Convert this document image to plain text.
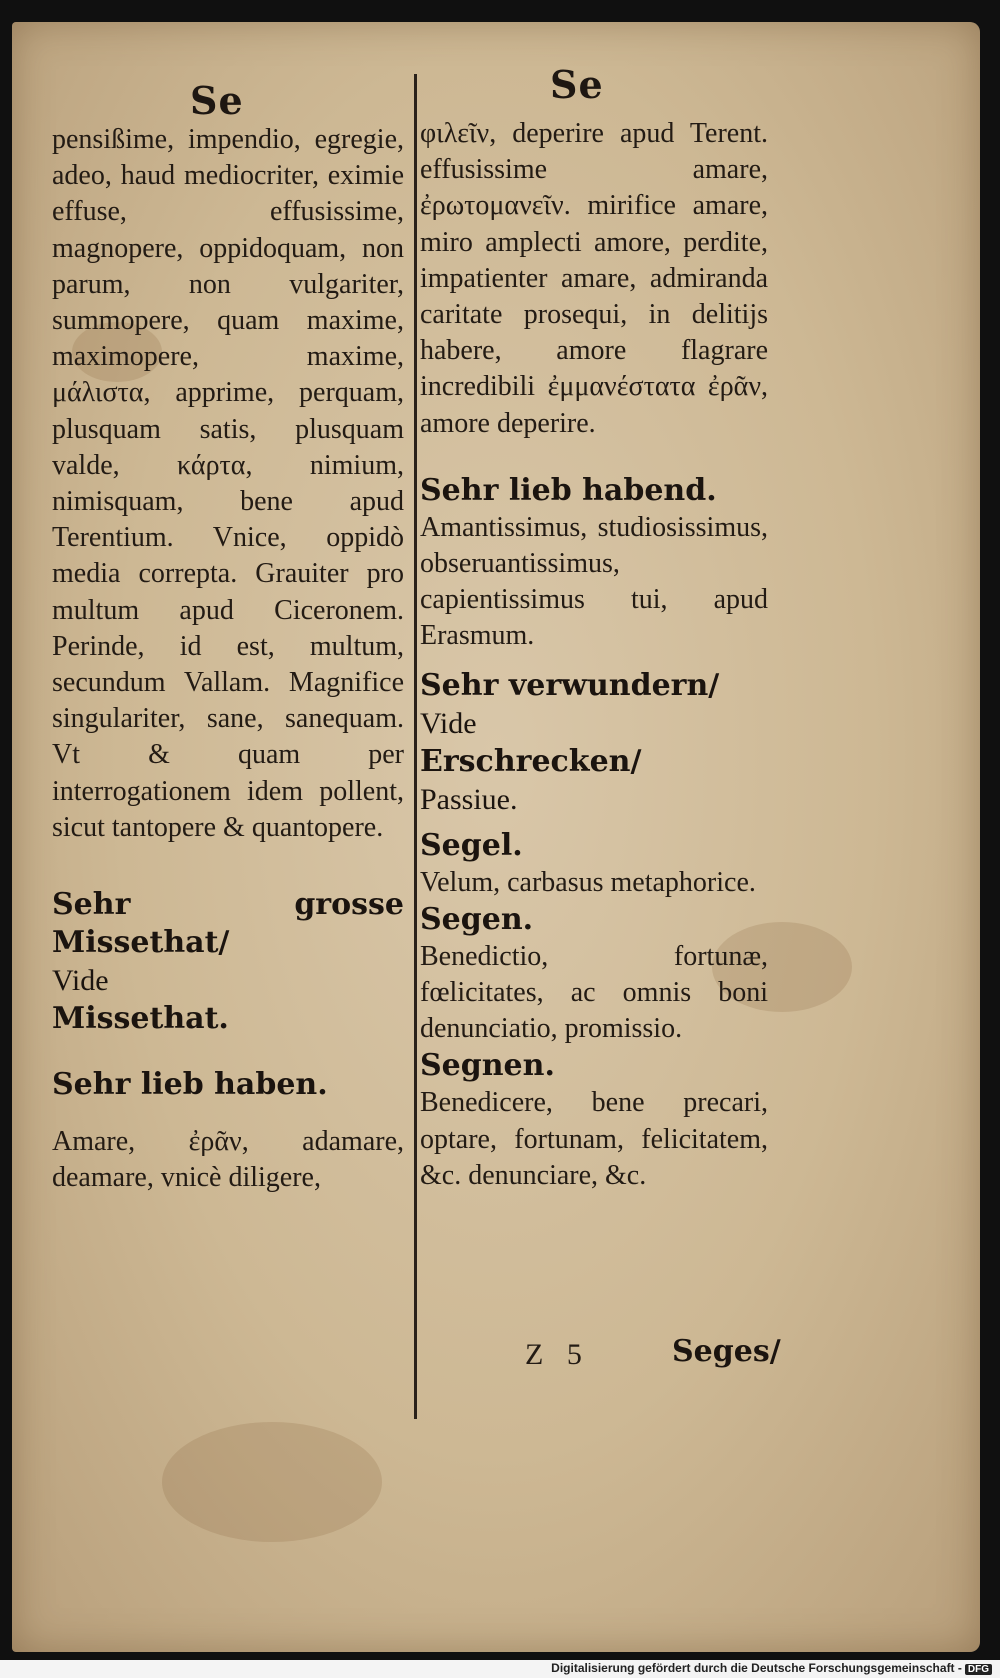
Se	Se

pensißime, impendio, egregie, adeo, haud mediocriter, eximie effuse, effusissime, magnopere, oppidoquam, non parum, non vulgariter, summopere, quam maxime, maximopere, maxime, μάλιστα, apprime, perquam, plusquam satis, plusquam valde, κάρτα, nimium, nimisquam, bene apud Terentium. Vnice, oppidò media correpta. Grauiter pro multum apud Ciceronem. Perinde, id est, multum, secundum Vallam. Magnifice singulariter, sane, sanequam. Vt & quam per interrogationem idem pollent, sicut tantopere & quantopere.

Sehr grosse Missethat/

Vide

Missethat.

Sehr lieb haben.

Amare, ἐρᾶν, adamare, deamare, vnicè diligere,

φιλεῖν, deperire apud Terent. effusissime amare, ἐρωτομανεῖν. mirifice amare, miro amplecti amore, perdite, impatienter amare, admiranda caritate prosequi, in delitijs habere, amore flagrare incredibili ἐμμανέστατα ἐρᾶν, amore deperire.

Sehr lieb habend.

Amantissimus, studiosissimus, obseruantissimus, capientissimus tui, apud Erasmum.

Sehr verwundern/

Vide

Erschrecken/

Passiue.

Segel.

Velum, carbasus metaphorice.

Segen.

Benedictio, fortunæ, fœlicitates, ac omnis boni denunciatio, promissio.

Segnen.

Benedicere, bene precari, optare, fortunam, felicitatem, &c. denunciare, &c.

Z 5	Seges/
Digitalisierung gefördert durch die Deutsche Forschungsgemeinschaft - DFG
